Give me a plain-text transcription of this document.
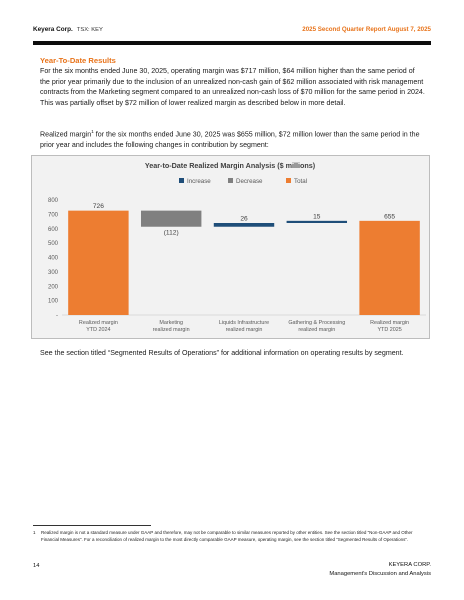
Keyera Corp. TSX: KEY	2025 Second Quarter Report August 7, 2025
Year-To-Date Results
For the six months ended June 30, 2025, operating margin was $717 million, $64 million higher than the same period of the prior year primarily due to the inclusion of an unrealized non-cash gain of $62 million associated with risk management contracts from the Marketing segment compared to an unrealized non-cash loss of $70 million for the same period in 2024. This was partially offset by $72 million of lower realized margin as described below in more detail.
Realized margin$^1$ for the six months ended June 30, 2025 was $655 million, $72 million lower than the same period in the prior year and includes the following changes in contribution by segment:
Year-to-Date Realized Margin Analysis ($ millions)
Increase	Decrease	Total
-
100
200
300
400
500
600
700
800
726
Realized margin
YTD 2024
(112)
Marketing
realized margin
26
Liquids Infrastructure
realized margin
15
Gathering & Processing
realized margin
655
Realized margin
YTD 2025
See the section titled “Segmented Results of Operations” for additional information on operating results by segment.
1 Realized margin is not a standard measure under GAAP and therefore, may not be comparable to similar measures reported by other entities. See the section titled “Non-GAAP and Other Financial Measures”. For a reconciliation of realized margin to the most directly comparable GAAP measure, operating margin, see the section titled “Segmented Results of Operations”.
14	KEYERA CORP.
Management's Discussion and Analysis
